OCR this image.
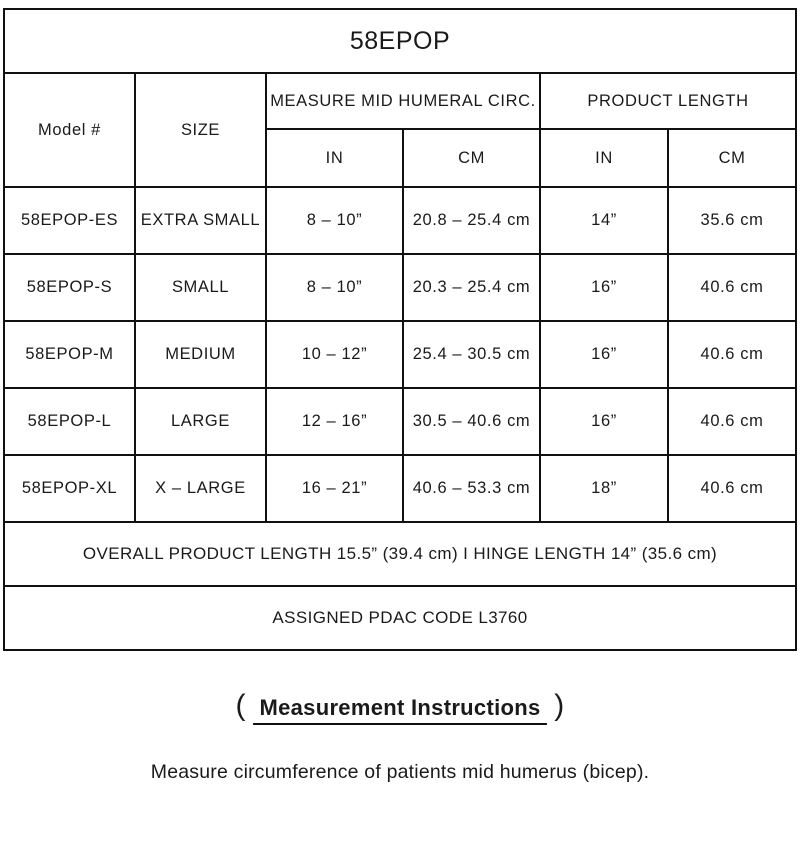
58EPOP					
Model #	SIZE	MEASURE MID HUMERAL CIRC.		PRODUCT LENGTH	
		IN	CM	IN	CM
58EPOP-ES	EXTRA SMALL	8 – 10”	20.8 – 25.4 cm	14”	35.6 cm
58EPOP-S	SMALL	8 – 10”	20.3 – 25.4 cm	16”	40.6 cm
58EPOP-M	MEDIUM	10 – 12”	25.4 – 30.5 cm	16”	40.6 cm
58EPOP-L	LARGE	12 – 16”	30.5 – 40.6 cm	16”	40.6 cm
58EPOP-XL	X – LARGE	16 – 21”	40.6 – 53.3 cm	18”	40.6 cm
OVERALL PRODUCT LENGTH 15.5” (39.4 cm) I HINGE LENGTH 14” (35.6 cm)					
ASSIGNED PDAC CODE L3760					
( Measurement Instructions )
Measure circumference of patients mid humerus (bicep).
